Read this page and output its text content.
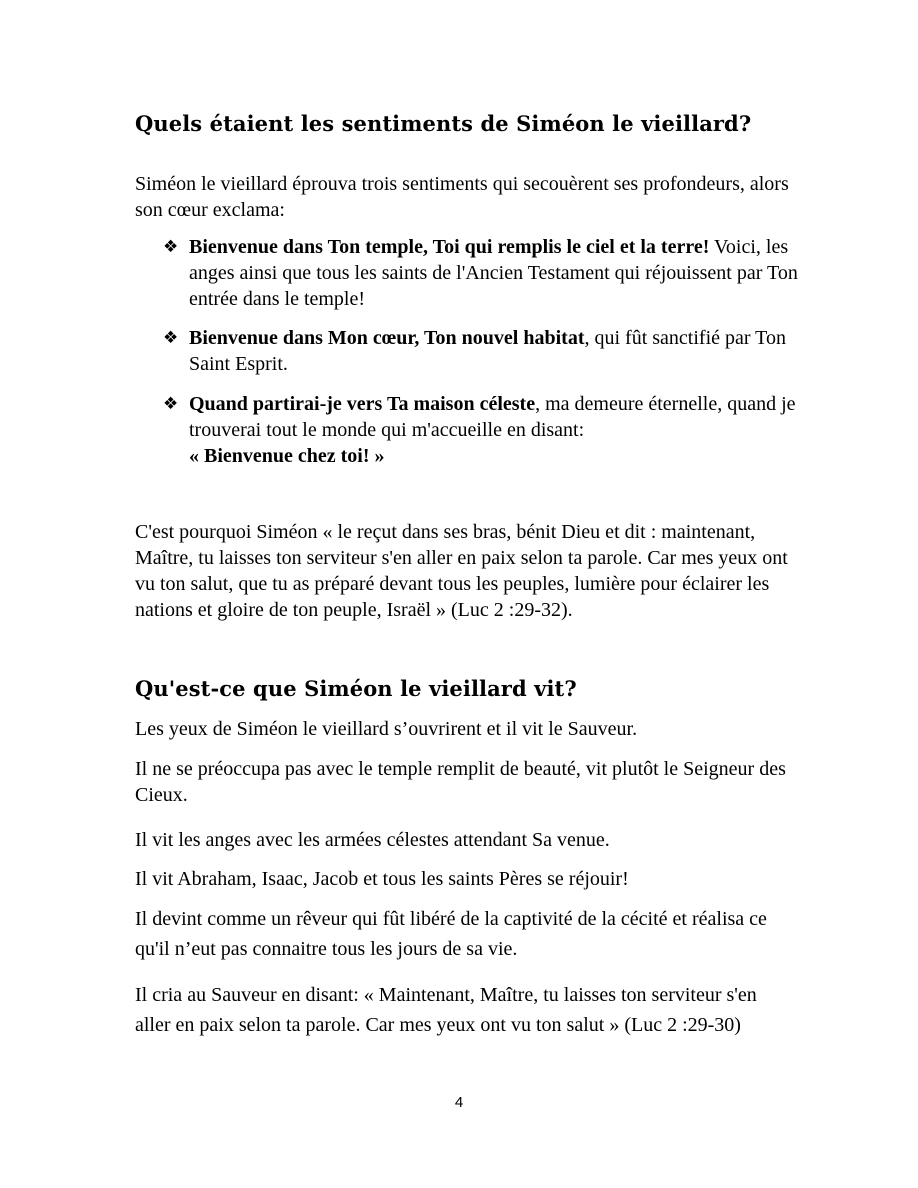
Quels étaient les sentiments de Siméon le vieillard?

Siméon le vieillard éprouva trois sentiments qui secouèrent ses profondeurs, alors son cœur exclama:

❖ Bienvenue dans Ton temple, Toi qui remplis le ciel et la terre! Voici, les anges ainsi que tous les saints de l'Ancien Testament qui réjouissent par Ton entrée dans le temple!
❖ Bienvenue dans Mon cœur, Ton nouvel habitat, qui fût sanctifié par Ton Saint Esprit.
❖ Quand partirai-je vers Ta maison céleste, ma demeure éternelle, quand je trouverai tout le monde qui m'accueille en disant:
« Bienvenue chez toi! »

C'est pourquoi Siméon « le reçut dans ses bras, bénit Dieu et dit : maintenant, Maître, tu laisses ton serviteur s'en aller en paix selon ta parole. Car mes yeux ont vu ton salut, que tu as préparé devant tous les peuples, lumière pour éclairer les nations et gloire de ton peuple, Israël » (Luc 2 :29-32).

Qu'est-ce que Siméon le vieillard vit?

Les yeux de Siméon le vieillard s’ouvrirent et il vit le Sauveur.

Il ne se préoccupa pas avec le temple remplit de beauté, vit plutôt le Seigneur des Cieux.

Il vit les anges avec les armées célestes attendant Sa venue.

Il vit Abraham, Isaac, Jacob et tous les saints Pères se réjouir!

Il devint comme un rêveur qui fût libéré de la captivité de la cécité et réalisa ce qu'il n’eut pas connaitre tous les jours de sa vie.

Il cria au Sauveur en disant: « Maintenant, Maître, tu laisses ton serviteur s'en aller en paix selon ta parole. Car mes yeux ont vu ton salut » (Luc 2 :29-30)

4
